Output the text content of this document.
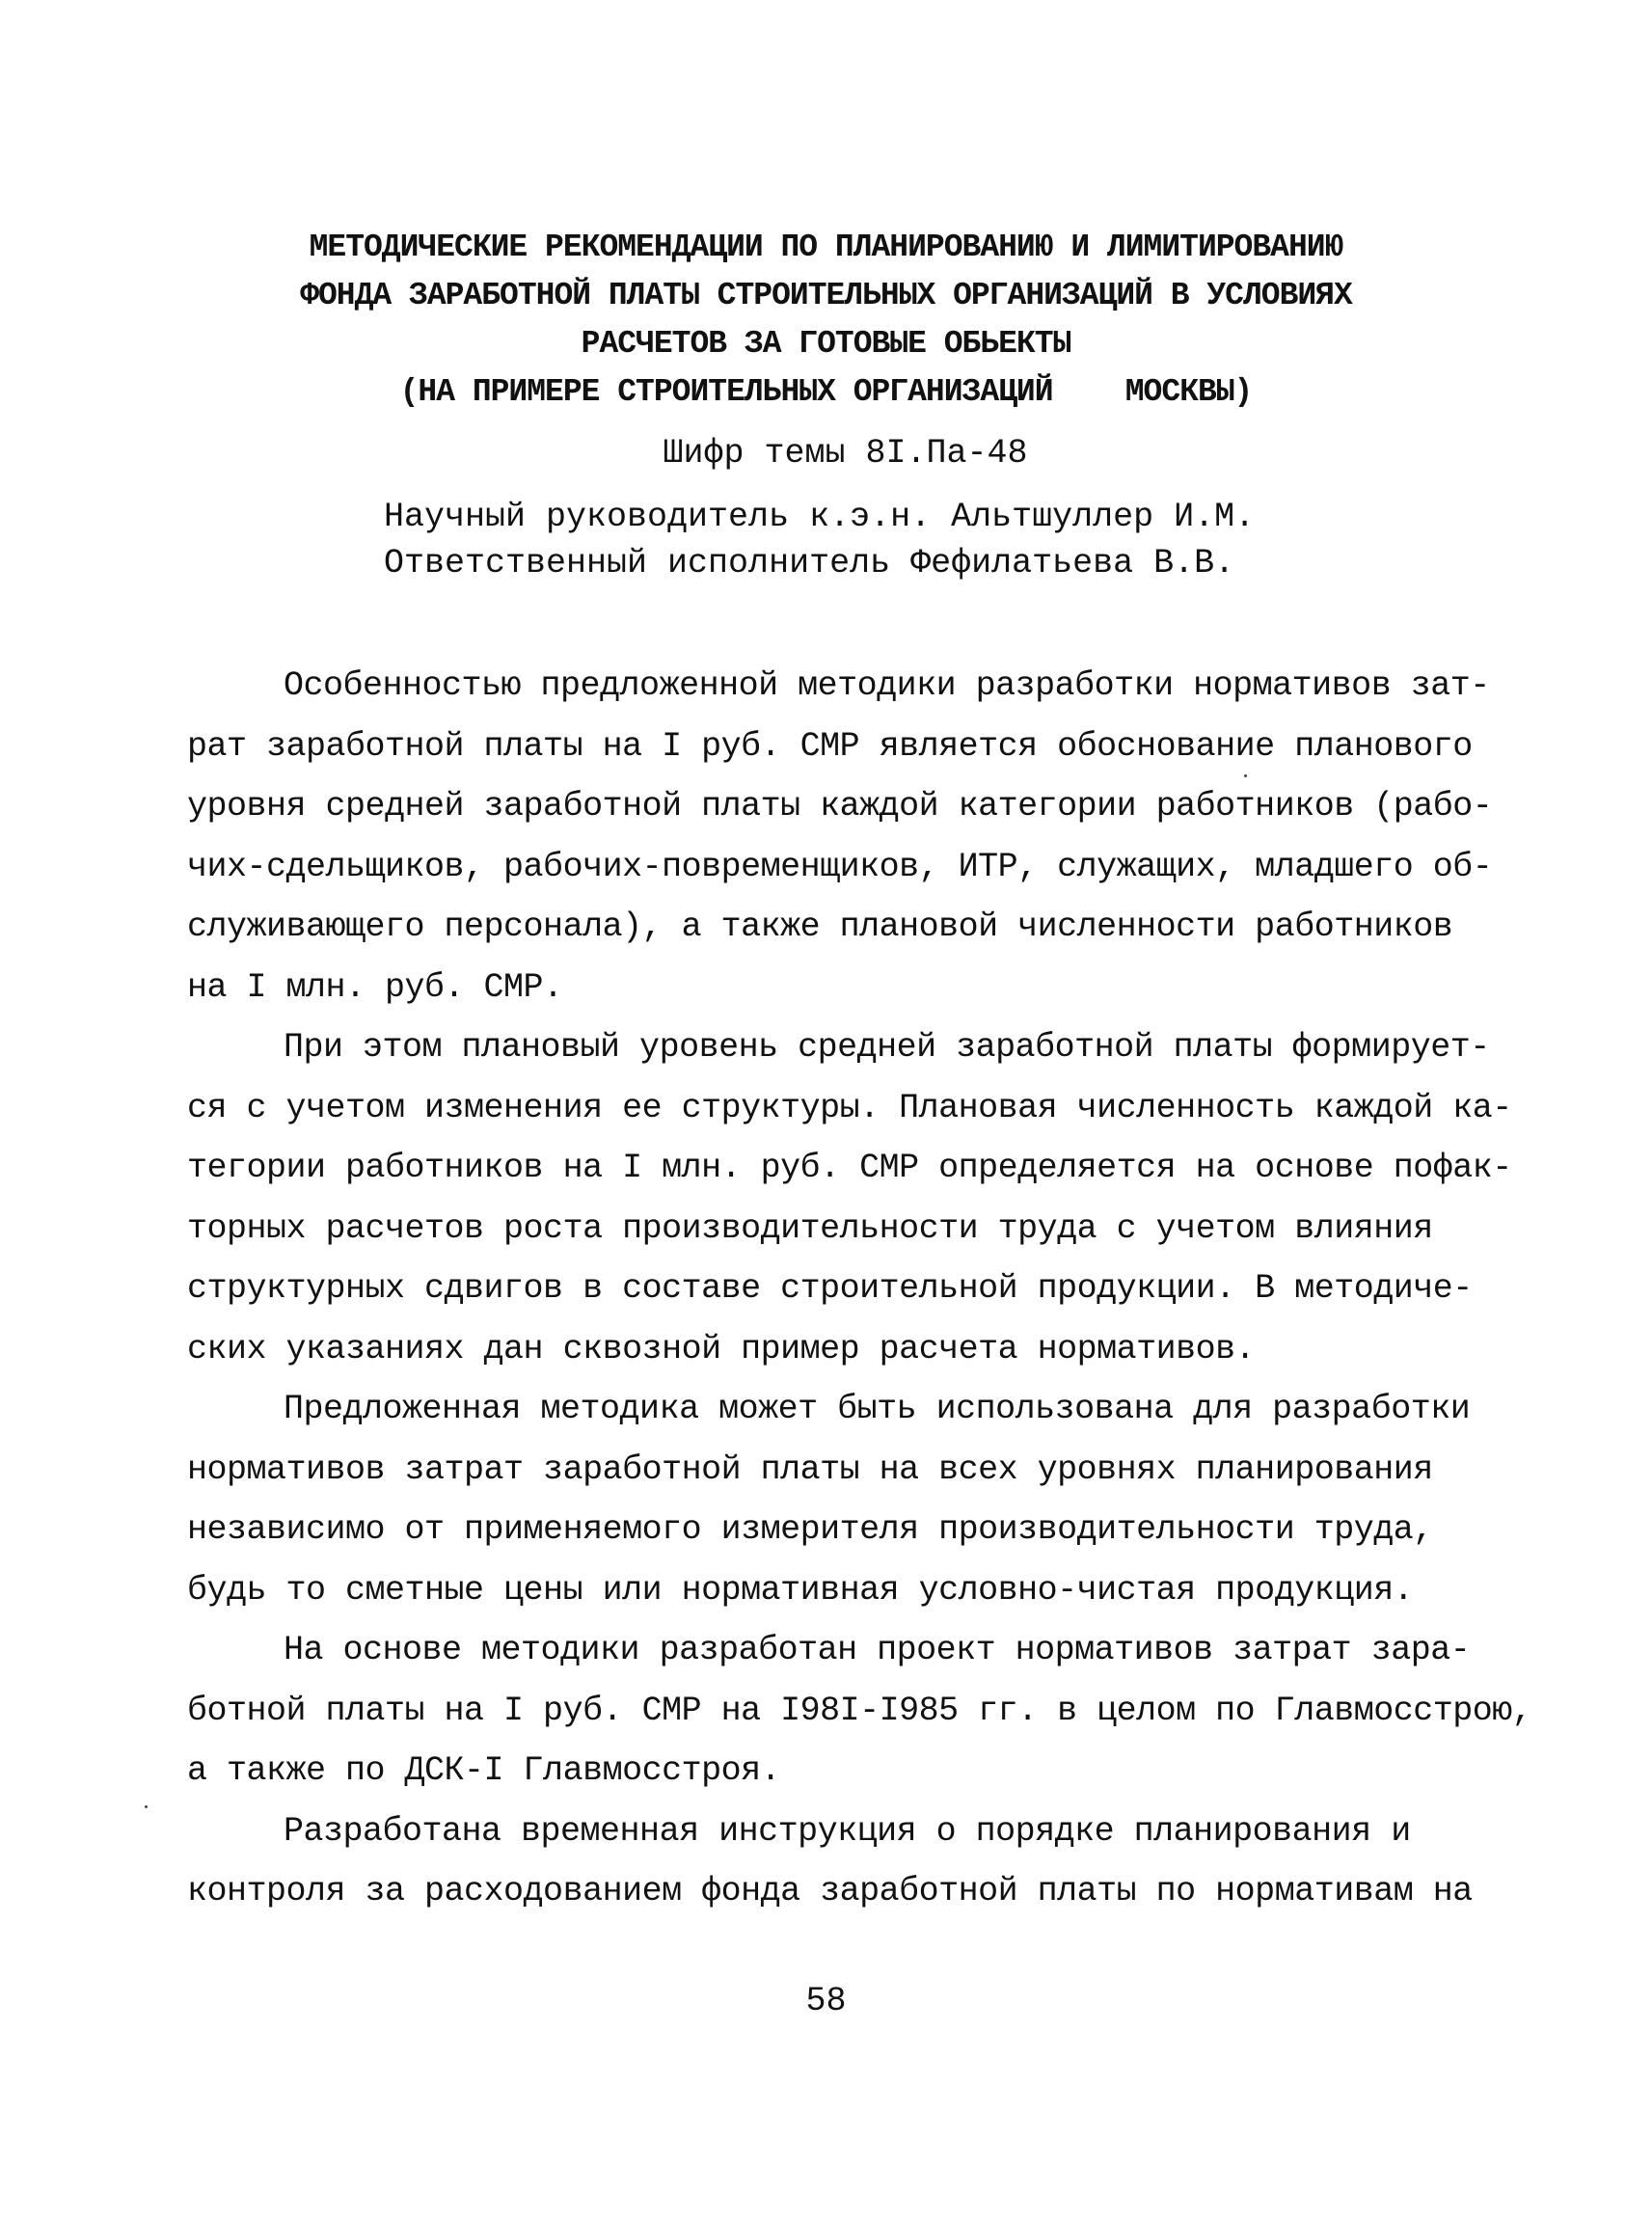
МЕТОДИЧЕСКИЕ РЕКОМЕНДАЦИИ ПО ПЛАНИРОВАНИЮ И ЛИМИТИРОВАНИЮ
ФОНДА ЗАРАБОТНОЙ ПЛАТЫ СТРОИТЕЛЬНЫХ ОРГАНИЗАЦИЙ В УСЛОВИЯХ
РАСЧЕТОВ ЗА ГОТОВЫЕ ОБЬЕКТЫ
(НА ПРИМЕРЕ СТРОИТЕЛЬНЫХ ОРГАНИЗАЦИЙ    МОСКВЫ)
Шифр темы 8I.Па-48
Научный руководитель к.э.н. Альтшуллер И.М.
Ответственный исполнитель Фефилатьева В.В.
Особенностью предложенной методики разработки нормативов зат-
рат заработной платы на I руб. СМР является обоснование планового
уровня средней заработной платы каждой категории работников (рабо-
чих-сдельщиков, рабочих-повременщиков, ИТР, служащих, младшего об-
служивающего персонала), а также плановой численности работников
на I млн. руб. СМР.
При этом плановый уровень средней заработной платы формирует-
ся с учетом изменения ее структуры. Плановая численность каждой ка-
тегории работников на I млн. руб. СМР определяется на основе пофак-
торных расчетов роста производительности труда с учетом влияния
структурных сдвигов в составе строительной продукции. В методиче-
ских указаниях дан сквозной пример расчета нормативов.
Предложенная методика может быть использована для разработки
нормативов затрат заработной платы на всех уровнях планирования
независимо от применяемого измерителя производительности труда,
будь то сметные цены или нормативная условно-чистая продукция.
На основе методики разработан проект нормативов затрат зара-
ботной платы на I руб. СМР на I98I-I985 гг. в целом по Главмосстрою,
а также по ДСК-I Главмосстроя.
Разработана временная инструкция о порядке планирования и
контроля за расходованием фонда заработной платы по нормативам на
58
